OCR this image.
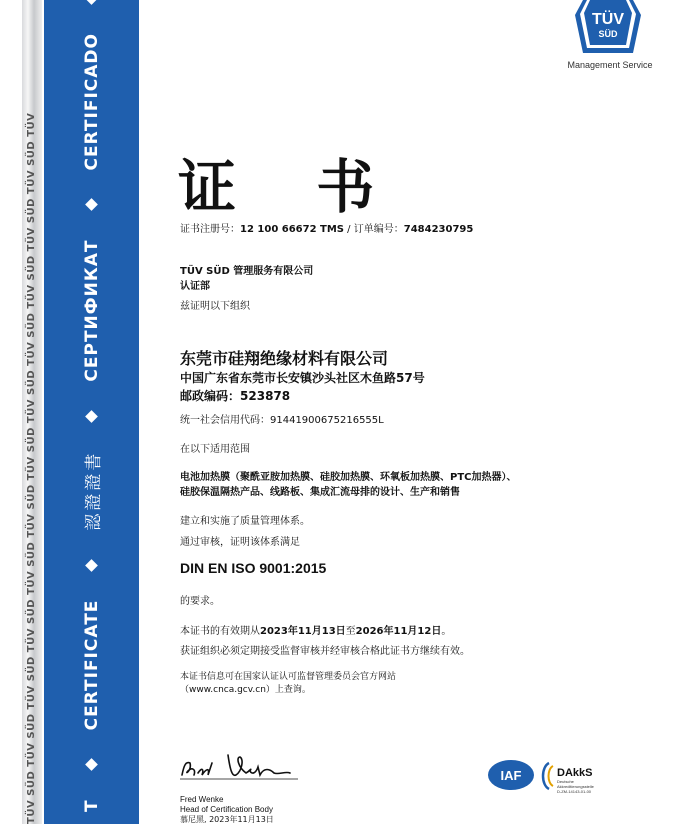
TÜV SÜD TÜV SÜD TÜV SÜD TÜV SÜD TÜV SÜD TÜV SÜD TÜV SÜD TÜV SÜD TÜV SÜD TÜV SÜD TÜV SÜD TÜV SÜD TÜV	T
CERTIFICATE
認證證書
СЕРТИФИКАТ
CERTIFICADO
TÜV
SÜD
Management Service
证 书
证书注册号：12 100 66672 TMS / 订单编号：7484230795
TÜV SÜD 管理服务有限公司
认证部
兹证明以下组织
东莞市硅翔绝缘材料有限公司
中国广东省东莞市长安镇沙头社区木鱼路57号
邮政编码：523878
统一社会信用代码：91441900675216555L
在以下适用范围
电池加热膜（聚酰亚胺加热膜、硅胶加热膜、环氧板加热膜、PTC加热器）、
硅胶保温隔热产品、线路板、集成汇流母排的设计、生产和销售
建立和实施了质量管理体系。
通过审核，证明该体系满足
DIN EN ISO 9001:2015
的要求。
本证书的有效期从2023年11月13日至2026年11月12日。
获证组织必须定期接受监督审核并经审核合格此证书方继续有效。
本证书信息可在国家认证认可监督管理委员会官方网站
（www.cnca.gcv.cn）上查询。
Fred Wenke
Head of Certification Body
慕尼黑, 2023年11月13日
IAF	DAkkS
Deutsche
Akkreditierungsstelle
D-ZM-14143-01-00
